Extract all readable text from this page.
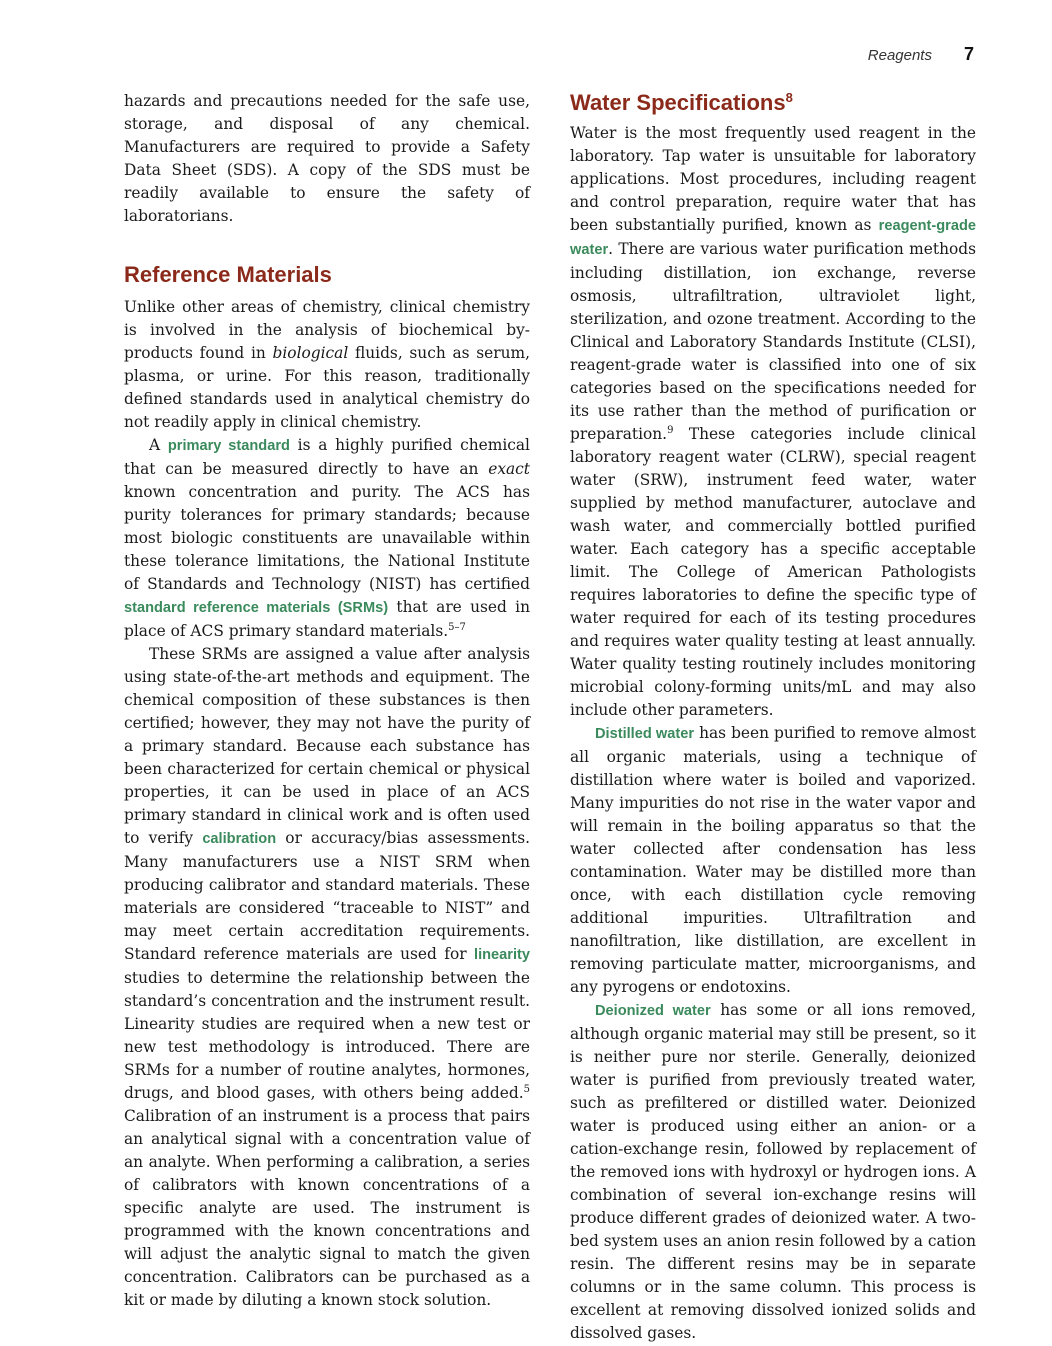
Reagents 7

hazards and precautions needed for the safe use, storage, and disposal of any chemical. Manufacturers are required to provide a Safety Data Sheet (SDS). A copy of the SDS must be readily available to ensure the safety of laboratorians.

Reference Materials

Unlike other areas of chemistry, clinical chemistry is involved in the analysis of biochemical by-products found in biological fluids, such as serum, plasma, or urine. For this reason, traditionally defined standards used in analytical chemistry do not readily apply in clinical chemistry.

A primary standard is a highly purified chemical that can be measured directly to have an exact known concentration and purity. The ACS has purity tolerances for primary standards; because most biologic constituents are unavailable within these tolerance limitations, the National Institute of Standards and Technology (NIST) has certified standard reference materials (SRMs) that are used in place of ACS primary standard materials.$^{5-7}$

These SRMs are assigned a value after analysis using state-of-the-art methods and equipment. The chemical composition of these substances is then certified; however, they may not have the purity of a primary standard. Because each substance has been characterized for certain chemical or physical properties, it can be used in place of an ACS primary standard in clinical work and is often used to verify calibration or accuracy/bias assessments. Many manufacturers use a NIST SRM when producing calibrator and standard materials. These materials are considered “traceable to NIST” and may meet certain accreditation requirements. Standard reference materials are used for linearity studies to determine the relationship between the standard’s concentration and the instrument result. Linearity studies are required when a new test or new test methodology is introduced. There are SRMs for a number of routine analytes, hormones, drugs, and blood gases, with others being added.$^5$ Calibration of an instrument is a process that pairs an analytical signal with a concentration value of an analyte. When performing a calibration, a series of calibrators with known concentrations of a specific analyte are used. The instrument is programmed with the known concentrations and will adjust the analytic signal to match the given concentration. Calibrators can be purchased as a kit or made by diluting a known stock solution.

Water Specifications$^8$

Water is the most frequently used reagent in the laboratory. Tap water is unsuitable for laboratory applications. Most procedures, including reagent and control preparation, require water that has been substantially purified, known as reagent-grade water. There are various water purification methods including distillation, ion exchange, reverse osmosis, ultrafiltration, ultraviolet light, sterilization, and ozone treatment. According to the Clinical and Laboratory Standards Institute (CLSI), reagent-grade water is classified into one of six categories based on the specifications needed for its use rather than the method of purification or preparation.$^9$ These categories include clinical laboratory reagent water (CLRW), special reagent water (SRW), instrument feed water, water supplied by method manufacturer, autoclave and wash water, and commercially bottled purified water. Each category has a specific acceptable limit. The College of American Pathologists requires laboratories to define the specific type of water required for each of its testing procedures and requires water quality testing at least annually. Water quality testing routinely includes monitoring microbial colony-forming units/mL and may also include other parameters.

Distilled water has been purified to remove almost all organic materials, using a technique of distillation where water is boiled and vaporized. Many impurities do not rise in the water vapor and will remain in the boiling apparatus so that the water collected after condensation has less contamination. Water may be distilled more than once, with each distillation cycle removing additional impurities. Ultrafiltration and nanofiltration, like distillation, are excellent in removing particulate matter, microorganisms, and any pyrogens or endotoxins.

Deionized water has some or all ions removed, although organic material may still be present, so it is neither pure nor sterile. Generally, deionized water is purified from previously treated water, such as prefiltered or distilled water. Deionized water is produced using either an anion- or a cation-exchange resin, followed by replacement of the removed ions with hydroxyl or hydrogen ions. A combination of several ion-exchange resins will produce different grades of deionized water. A two-bed system uses an anion resin followed by a cation resin. The different resins may be in separate columns or in the same column. This process is excellent at removing dissolved ionized solids and dissolved gases.
